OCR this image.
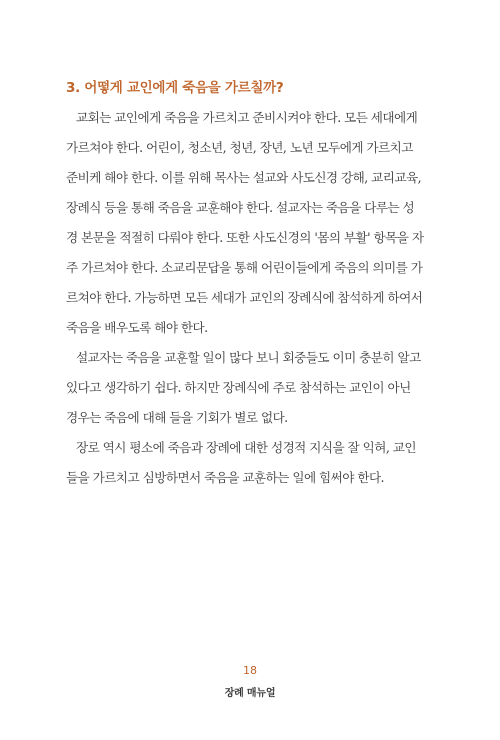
3. 어떻게 교인에게 죽음을 가르칠까?
교회는 교인에게 죽음을 가르치고 준비시켜야 한다. 모든 세대에게
가르쳐야 한다. 어린이, 청소년, 청년, 장년, 노년 모두에게 가르치고
준비케 해야 한다. 이를 위해 목사는 설교와 사도신경 강해, 교리교육,
장례식 등을 통해 죽음을 교훈해야 한다. 설교자는 죽음을 다루는 성
경 본문을 적절히 다뤄야 한다. 또한 사도신경의 '몸의 부활' 항목을 자
주 가르쳐야 한다. 소교리문답을 통해 어린이들에게 죽음의 의미를 가
르쳐야 한다. 가능하면 모든 세대가 교인의 장례식에 참석하게 하여서
죽음을 배우도록 해야 한다.
설교자는 죽음을 교훈할 일이 많다 보니 회중들도 이미 충분히 알고
있다고 생각하기 쉽다. 하지만 장례식에 주로 참석하는 교인이 아닌
경우는 죽음에 대해 들을 기회가 별로 없다.
장로 역시 평소에 죽음과 장례에 대한 성경적 지식을 잘 익혀, 교인
들을 가르치고 심방하면서 죽음을 교훈하는 일에 힘써야 한다.
18
장례 매뉴얼
